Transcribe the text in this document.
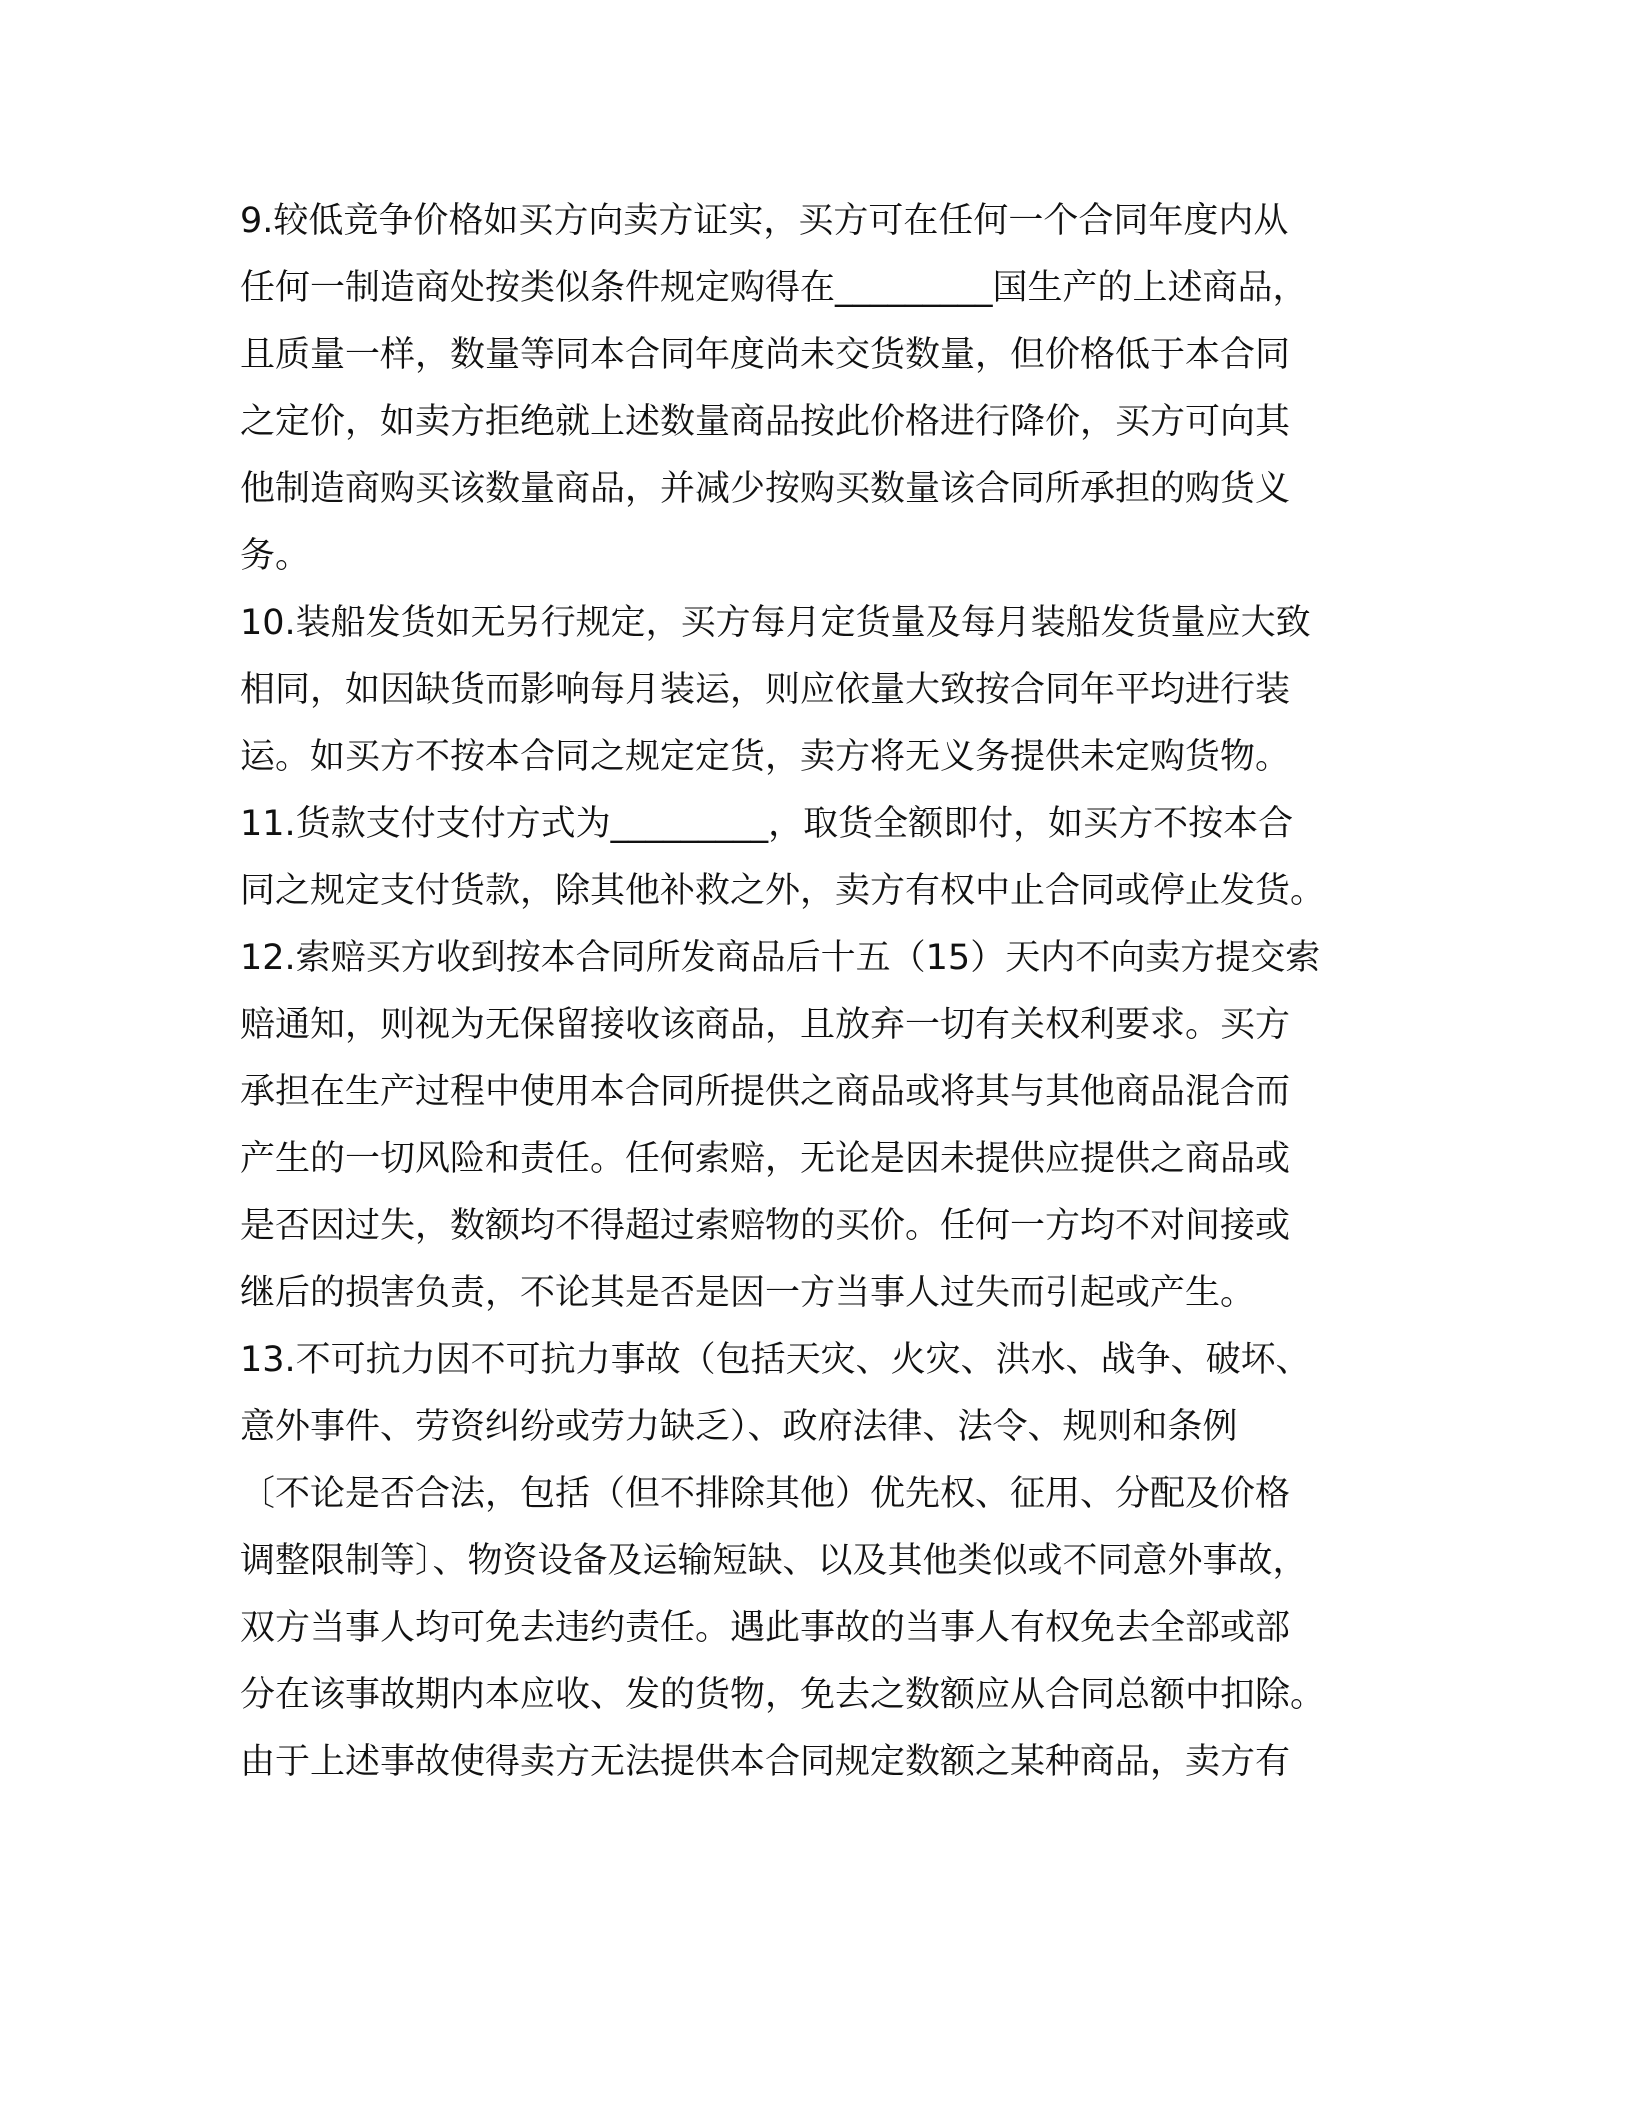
9.较低竞争价格如买方向卖方证实，买方可在任何一个合同年度内从
任何一制造商处按类似条件规定购得在_________国生产的上述商品，
且质量一样，数量等同本合同年度尚未交货数量，但价格低于本合同
之定价，如卖方拒绝就上述数量商品按此价格进行降价，买方可向其
他制造商购买该数量商品，并减少按购买数量该合同所承担的购货义
务。
10.装船发货如无另行规定，买方每月定货量及每月装船发货量应大致
相同，如因缺货而影响每月装运，则应依量大致按合同年平均进行装
运。如买方不按本合同之规定定货，卖方将无义务提供未定购货物。
11.货款支付支付方式为_________，取货全额即付，如买方不按本合
同之规定支付货款，除其他补救之外，卖方有权中止合同或停止发货。
12.索赔买方收到按本合同所发商品后十五（15）天内不向卖方提交索
赔通知，则视为无保留接收该商品，且放弃一切有关权利要求。买方
承担在生产过程中使用本合同所提供之商品或将其与其他商品混合而
产生的一切风险和责任。任何索赔，无论是因未提供应提供之商品或
是否因过失，数额均不得超过索赔物的买价。任何一方均不对间接或
继后的损害负责，不论其是否是因一方当事人过失而引起或产生。
13.不可抗力因不可抗力事故（包括天灾、火灾、洪水、战争、破坏、
意外事件、劳资纠纷或劳力缺乏）、政府法律、法令、规则和条例
〔不论是否合法，包括（但不排除其他）优先权、征用、分配及价格
调整限制等〕、物资设备及运输短缺、以及其他类似或不同意外事故，
双方当事人均可免去违约责任。遇此事故的当事人有权免去全部或部
分在该事故期内本应收、发的货物，免去之数额应从合同总额中扣除。
由于上述事故使得卖方无法提供本合同规定数额之某种商品，卖方有
